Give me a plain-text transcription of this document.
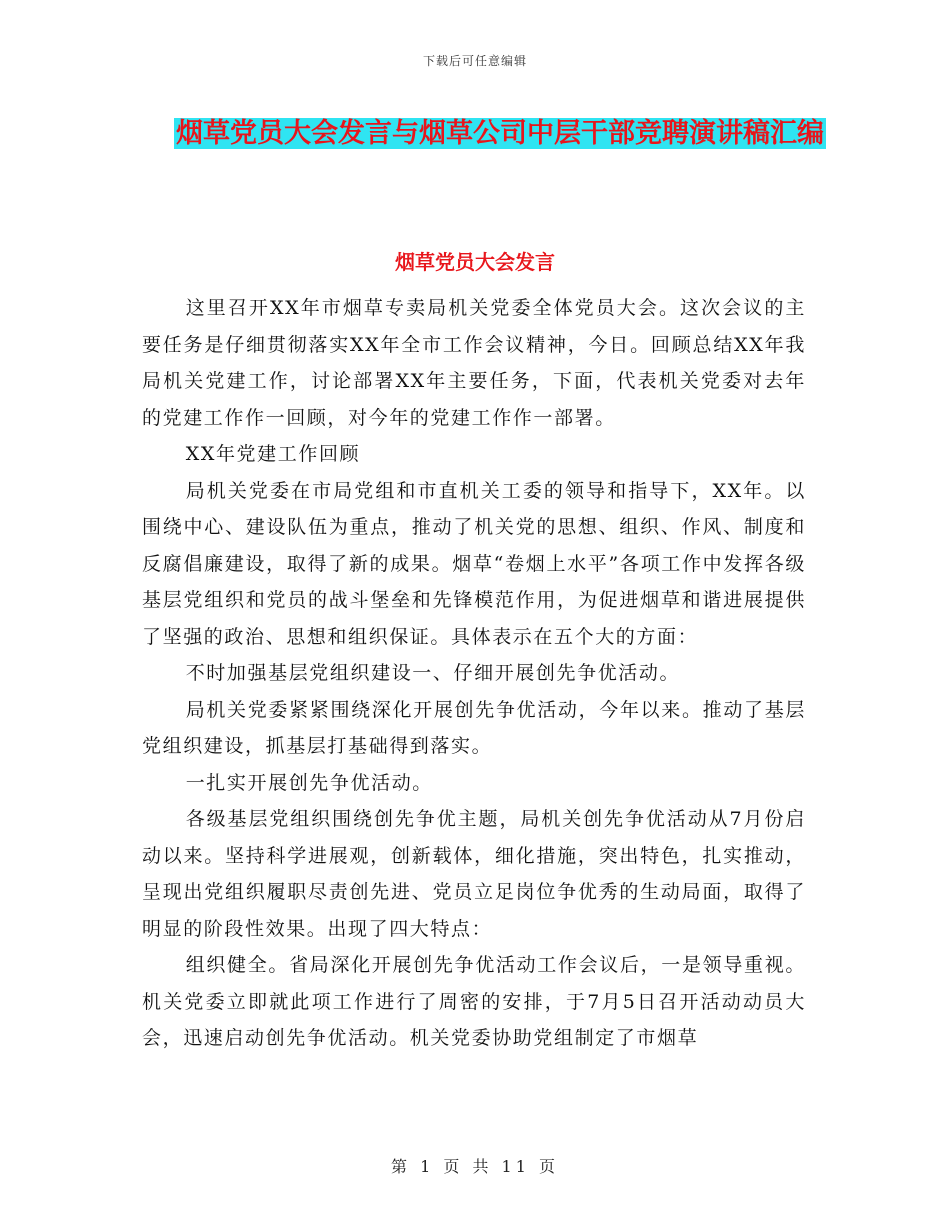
下载后可任意编辑
烟草党员大会发言与烟草公司中层干部竞聘演讲稿汇编
烟草党员大会发言

这里召开XX年市烟草专卖局机关党委全体党员大会。这次会议的主要任务是仔细贯彻落实XX年全市工作会议精神，今日。回顾总结XX年我局机关党建工作，讨论部署XX年主要任务，下面，代表机关党委对去年的党建工作作一回顾，对今年的党建工作作一部署。

XX年党建工作回顾

局机关党委在市局党组和市直机关工委的领导和指导下，XX年。以围绕中心、建设队伍为重点，推动了机关党的思想、组织、作风、制度和反腐倡廉建设，取得了新的成果。烟草“卷烟上水平”各项工作中发挥各级基层党组织和党员的战斗堡垒和先锋模范作用，为促进烟草和谐进展提供了坚强的政治、思想和组织保证。具体表示在五个大的方面：

不时加强基层党组织建设一、仔细开展创先争优活动。

局机关党委紧紧围绕深化开展创先争优活动，今年以来。推动了基层党组织建设，抓基层打基础得到落实。

一扎实开展创先争优活动。

各级基层党组织围绕创先争优主题，局机关创先争优活动从7月份启动以来。坚持科学进展观，创新载体，细化措施，突出特色，扎实推动，呈现出党组织履职尽责创先进、党员立足岗位争优秀的生动局面，取得了明显的阶段性效果。出现了四大特点：

组织健全。省局深化开展创先争优活动工作会议后，一是领导重视。机关党委立即就此项工作进行了周密的安排，于7月5日召开活动动员大会，迅速启动创先争优活动。机关党委协助党组制定了市烟草

第 1 页 共 11 页
